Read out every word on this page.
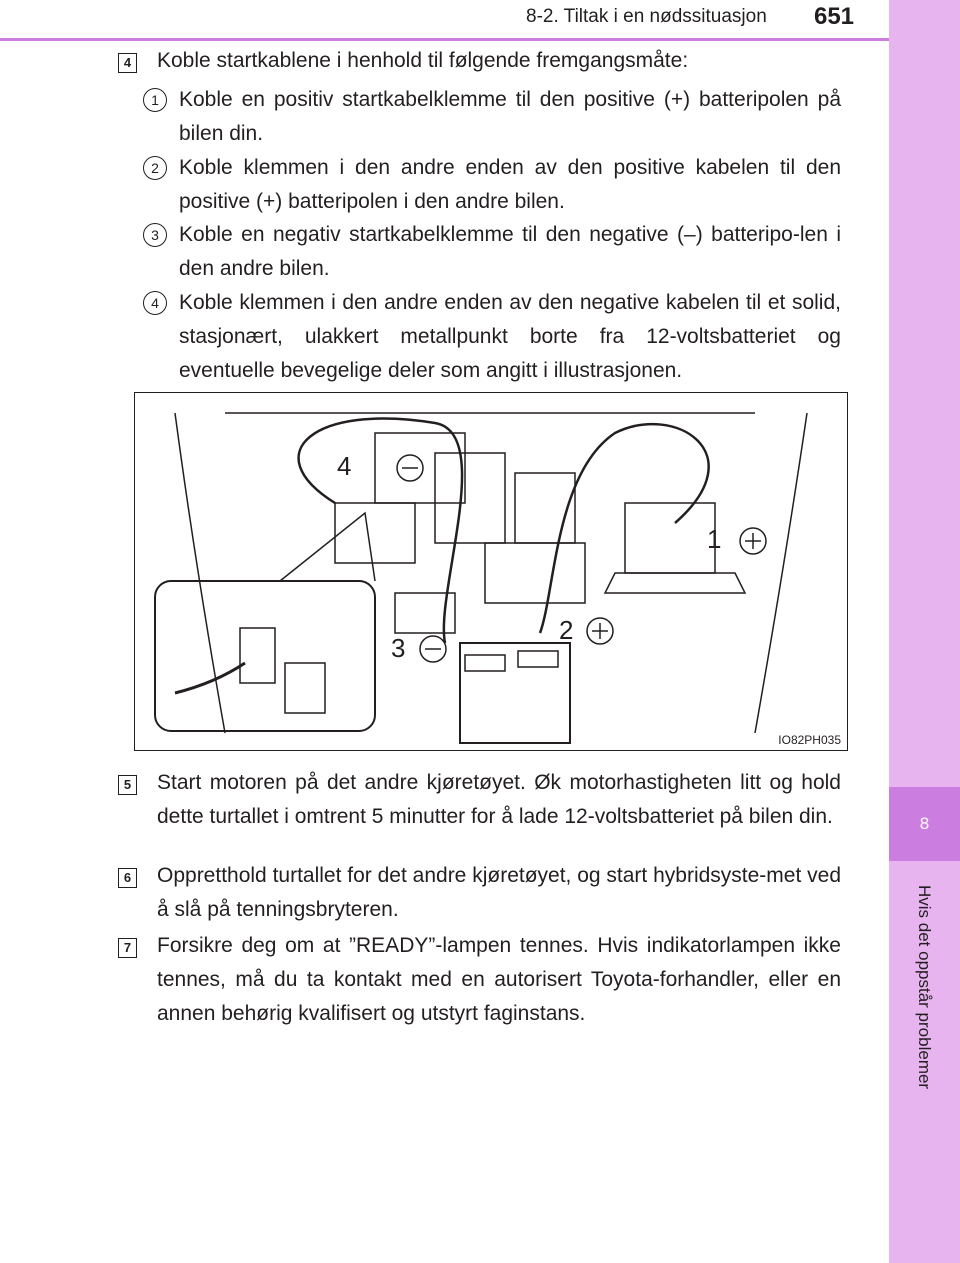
8
Hvis det oppstår problemer
8-2. Tiltak i en nødssituasjon	651
4 Koble startkablene i henhold til følgende fremgangsmåte:

1 Koble en positiv startkabelklemme til den positive (+) batteripolen på bilen din.

2 Koble klemmen i den andre enden av den positive kabelen til den positive (+) batteripolen i den andre bilen.

3 Koble en negativ startkabelklemme til den negative (–) batteripo-len i den andre bilen.

4 Koble klemmen i den andre enden av den negative kabelen til et solid, stasjonært, ulakkert metallpunkt borte fra 12-voltsbatteriet og eventuelle bevegelige deler som angitt i illustrasjonen.

4
1
3
2
IO82PH035
5 Start motoren på det andre kjøretøyet. Øk motorhastigheten litt og hold dette turtallet i omtrent 5 minutter for å lade 12-voltsbatteriet på bilen din.

6 Oppretthold turtallet for det andre kjøretøyet, og start hybridsyste-met ved å slå på tenningsbryteren.

7 Forsikre deg om at ”READY”-lampen tennes. Hvis indikatorlampen ikke tennes, må du ta kontakt med en autorisert Toyota-forhandler, eller en annen behørig kvalifisert og utstyrt faginstans.
